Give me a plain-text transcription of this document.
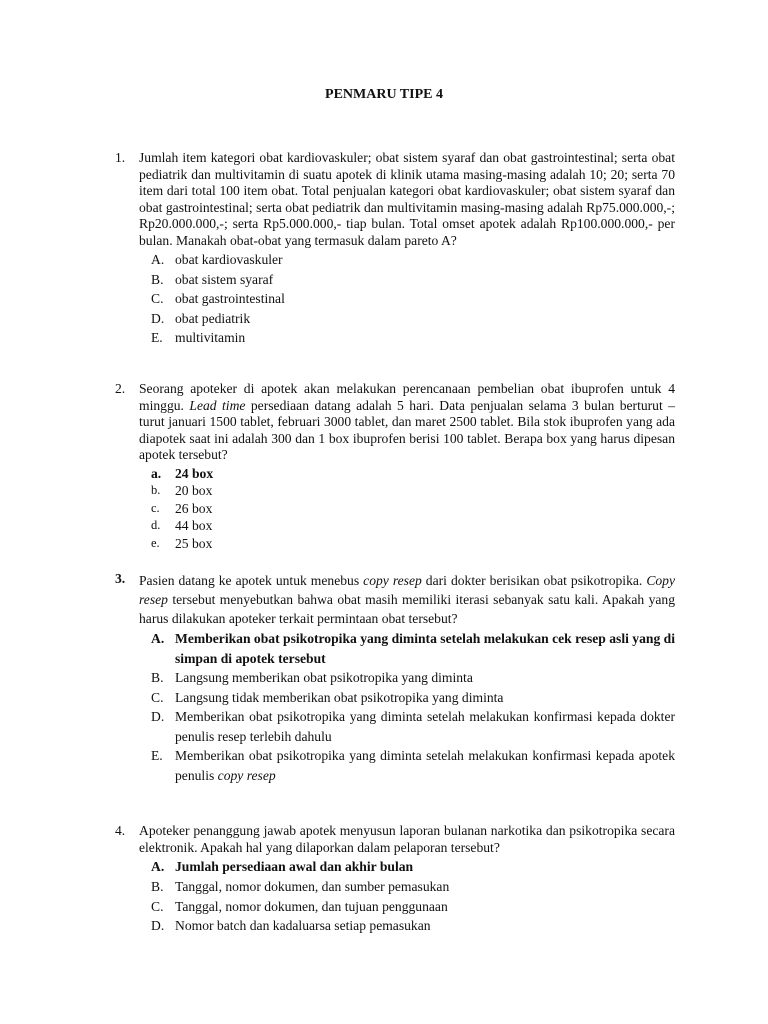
PENMARU TIPE 4
1.	Jumlah item kategori obat kardiovaskuler; obat sistem syaraf dan obat gastrointestinal; serta obat pediatrik dan multivitamin di suatu apotek di klinik utama masing-masing adalah 10; 20; serta 70 item dari total 100 item obat. Total penjualan kategori obat kardiovaskuler; obat sistem syaraf dan obat gastrointestinal; serta obat pediatrik dan multivitamin masing-masing adalah Rp75.000.000,-; Rp20.000.000,-; serta Rp5.000.000,- tiap bulan. Total omset apotek adalah Rp100.000.000,- per bulan. Manakah obat-obat yang termasuk dalam pareto A?
A. obat kardiovaskuler
B. obat sistem syaraf
C. obat gastrointestinal
D. obat pediatrik
E. multivitamin
2.	Seorang apoteker di apotek akan melakukan perencanaan pembelian obat ibuprofen untuk 4 minggu. Lead time persediaan datang adalah 5 hari. Data penjualan selama 3 bulan berturut – turut januari 1500 tablet, februari 3000 tablet, dan maret 2500 tablet. Bila stok ibuprofen yang ada diapotek saat ini adalah 300 dan 1 box ibuprofen berisi 100 tablet. Berapa box yang harus dipesan apotek tersebut?
a. 24 box
b. 20 box
c. 26 box
d. 44 box
e. 25 box
3.	Pasien datang ke apotek untuk menebus copy resep dari dokter berisikan obat psikotropika. Copy resep tersebut menyebutkan bahwa obat masih memiliki iterasi sebanyak satu kali. Apakah yang harus dilakukan apoteker terkait permintaan obat tersebut?
A. Memberikan obat psikotropika yang diminta setelah melakukan cek resep asli yang di simpan di apotek tersebut
B. Langsung memberikan obat psikotropika yang diminta
C. Langsung tidak memberikan obat psikotropika yang diminta
D. Memberikan obat psikotropika yang diminta setelah melakukan konfirmasi kepada dokter penulis resep terlebih dahulu
E. Memberikan obat psikotropika yang diminta setelah melakukan konfirmasi kepada apotek penulis copy resep
4.	Apoteker penanggung jawab apotek menyusun laporan bulanan narkotika dan psikotropika secara elektronik. Apakah hal yang dilaporkan dalam pelaporan tersebut?
A. Jumlah persediaan awal dan akhir bulan
B. Tanggal, nomor dokumen, dan sumber pemasukan
C. Tanggal, nomor dokumen, dan tujuan penggunaan
D. Nomor batch dan kadaluarsa setiap pemasukan
